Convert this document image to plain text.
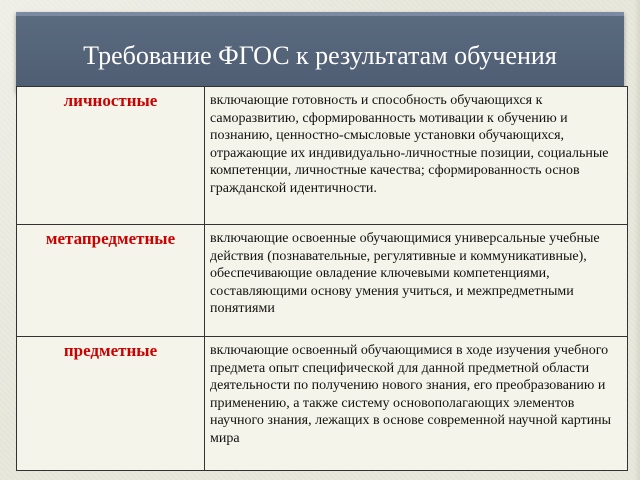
Требование ФГОС к результатам обучения
личностные	включающие готовность и способность обучающихся к саморазвитию, сформированность мотивации к обучению и познанию, ценностно-смысловые установки обучающихся, отражающие их индивидуально-личностные позиции, социальные компетенции, личностные качества; сформированность основ гражданской идентичности.
метапредметные	включающие освоенные обучающимися универсальные учебные действия (познавательные, регулятивные и коммуникативные), обеспечивающие овладение ключевыми компетенциями, составляющими основу умения учиться, и межпредметными понятиями
предметные	включающие освоенный обучающимися в ходе изучения учебного предмета опыт специфической для данной предметной области деятельности по получению нового знания, его преобразованию и применению, а также систему основополагающих элементов научного знания, лежащих в основе современной научной картины мира
